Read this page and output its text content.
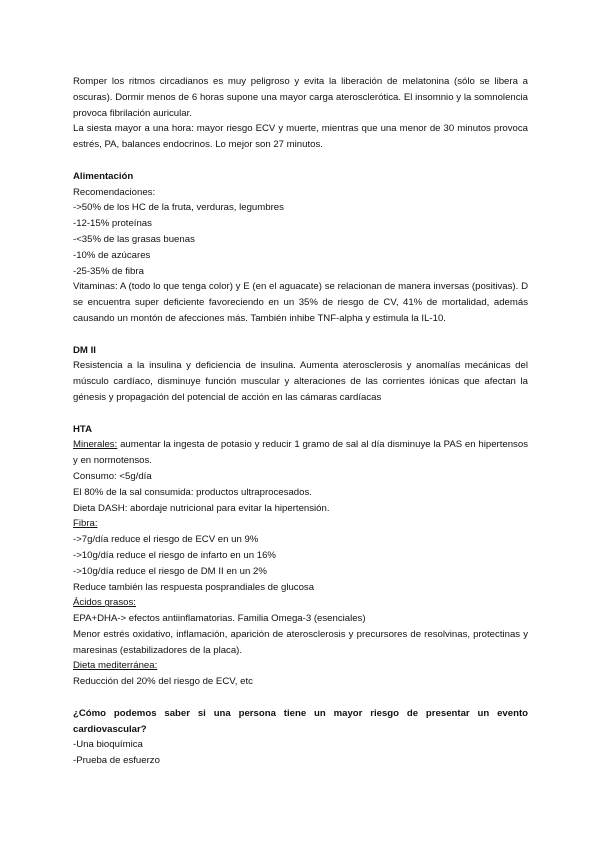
Romper los ritmos circadianos es muy peligroso y evita la liberación de melatonina (sólo se libera a oscuras). Dormir menos de 6 horas supone una mayor carga aterosclerótica. El insomnio y la somnolencia provoca fibrilación auricular.

La siesta mayor a una hora: mayor riesgo ECV y muerte, mientras que una menor de 30 minutos provoca estrés, PA, balances endocrinos. Lo mejor son 27 minutos.

Alimentación

Recomendaciones:

->50% de los HC de la fruta, verduras, legumbres

-12-15% proteínas

-<35% de las grasas buenas

-10% de azúcares

-25-35% de fibra

Vitaminas: A (todo lo que tenga color) y E (en el aguacate) se relacionan de manera inversas (positivas). D se encuentra super deficiente favoreciendo en un 35% de riesgo de CV, 41% de mortalidad, además causando un montón de afecciones más. También inhibe TNF-alpha y estimula la IL-10.

DM II

Resistencia a la insulina y deficiencia de insulina. Aumenta aterosclerosis y anomalías mecánicas del músculo cardíaco, disminuye función muscular y alteraciones de las corrientes iónicas que afectan la génesis y propagación del potencial de acción en las cámaras cardíacas

HTA

Minerales: aumentar la ingesta de potasio y reducir 1 gramo de sal al día disminuye la PAS en hipertensos y en normotensos.

Consumo: <5g/día

El 80% de la sal consumida: productos ultraprocesados.

Dieta DASH: abordaje nutricional para evitar la hipertensión.

Fibra:

->7g/día reduce el riesgo de ECV en un 9%

->10g/día reduce el riesgo de infarto en un 16%

->10g/día reduce el riesgo de DM II en un 2%

Reduce también las respuesta posprandiales de glucosa

Ácidos grasos:

EPA+DHA-> efectos antiinflamatorias. Familia Omega-3 (esenciales)

Menor estrés oxidativo, inflamación, aparición de aterosclerosis y precursores de resolvinas, protectinas y maresinas (estabilizadores de la placa).

Dieta mediterránea:

Reducción del 20% del riesgo de ECV, etc

¿Cómo podemos saber si una persona tiene un mayor riesgo de presentar un evento cardiovascular?

-Una bioquímica

-Prueba de esfuerzo
